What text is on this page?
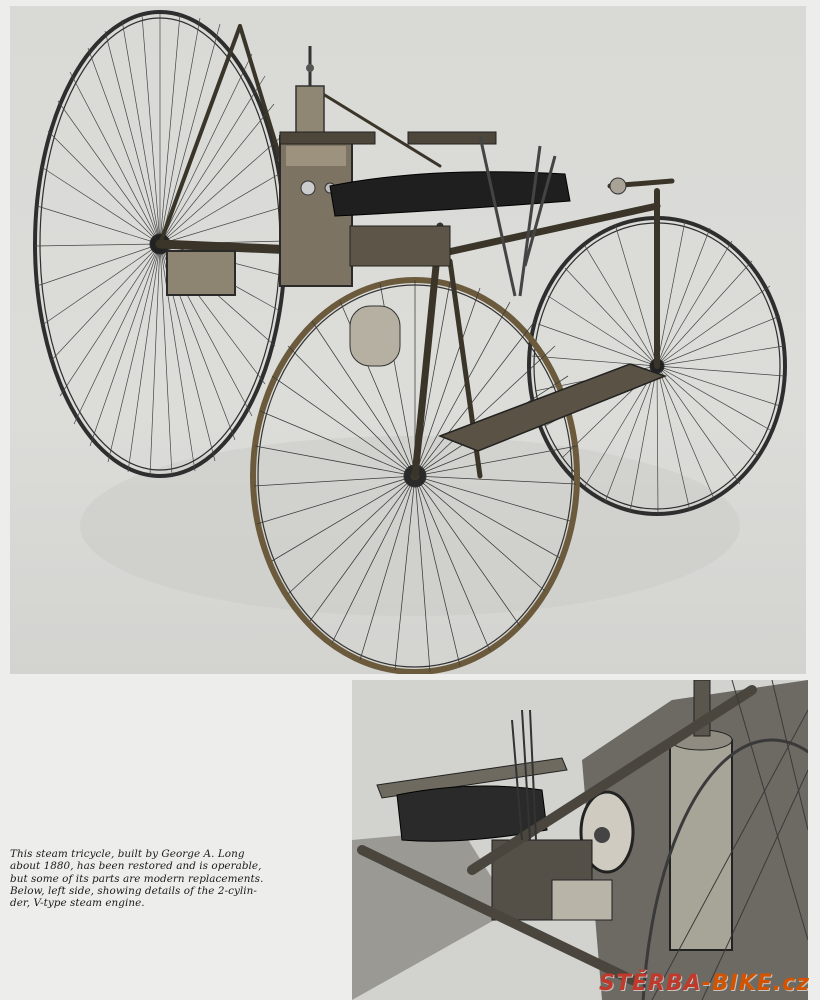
This steam tricycle, built by George A. Long
about 1880, has been restored and is operable,
but some of its parts are modern replacements.
Below, left side, showing details of the 2-cylin-
der, V-type steam engine.
STĚRBA-BIKE.cz
